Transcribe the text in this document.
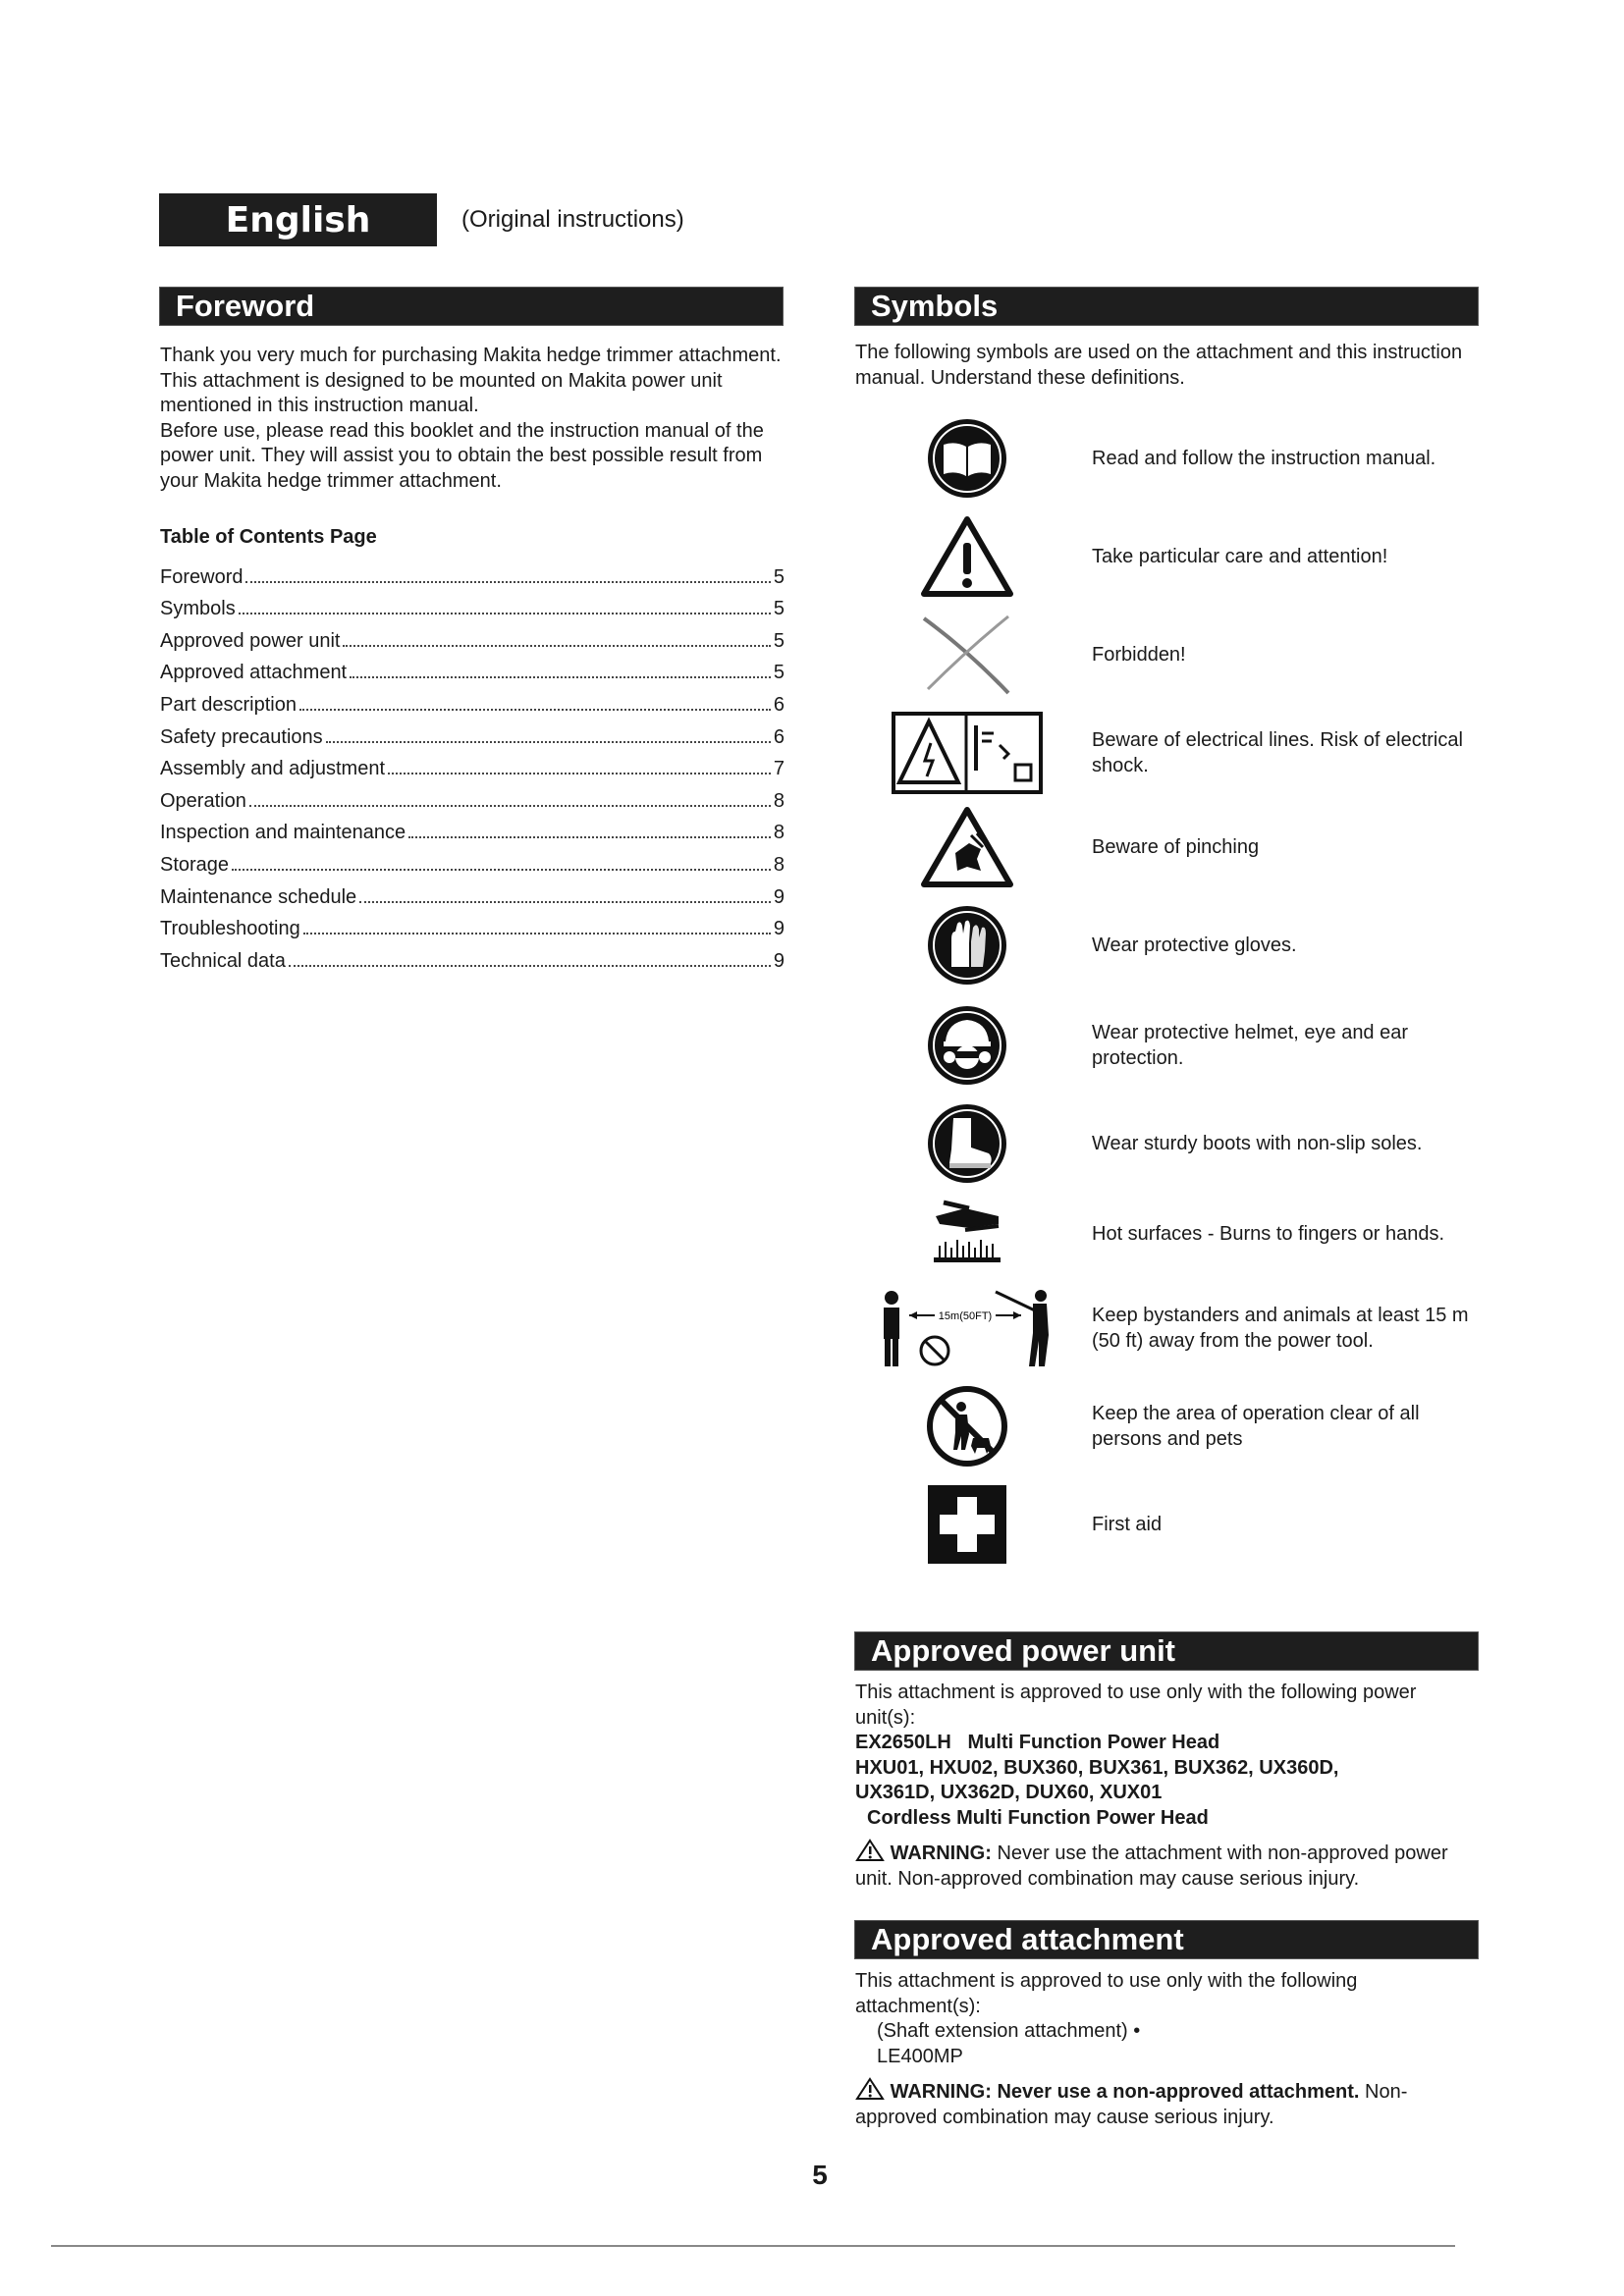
English	(Original instructions)
Foreword
Thank you very much for purchasing Makita hedge trimmer attachment. This attachment is designed to be mounted on Makita power unit mentioned in this instruction manual.
Before use, please read this booklet and the instruction manual of the power unit. They will assist you to obtain the best possible result from your Makita hedge trimmer attachment.
Table of Contents Page
Foreword	5
Symbols	5
Approved power unit	5
Approved attachment	5
Part description	6
Safety precautions	6
Assembly and adjustment	7
Operation	8
Inspection and maintenance	8
Storage	8
Maintenance schedule	9
Troubleshooting	9
Technical data	9
Symbols
The following symbols are used on the attachment and this instruction manual. Understand these definitions.
Read and follow the instruction manual.
Take particular care and attention!
Forbidden!
Beware of electrical lines. Risk of electrical shock.
Beware of pinching
Wear protective gloves.
Wear protective helmet, eye and ear protection.
Wear sturdy boots with non-slip soles.
Hot surfaces - Burns to fingers or hands.
15m(50FT)	Keep bystanders and animals at least 15 m (50 ft) away from the power tool.
Keep the area of operation clear of all persons and pets
First aid
Approved power unit
This attachment is approved to use only with the following power unit(s):
EX2650LH Multi Function Power Head
HXU01, HXU02, BUX360, BUX361, BUX362, UX360D,
UX361D, UX362D, DUX60, XUX01
Cordless Multi Function Power Head
WARNING: Never use the attachment with non-approved power unit. Non-approved combination may cause serious injury.
Approved attachment
This attachment is approved to use only with the following attachment(s):
(Shaft extension attachment) •
LE400MP
WARNING: Never use a non-approved attachment. Non-approved combination may cause serious injury.
5
